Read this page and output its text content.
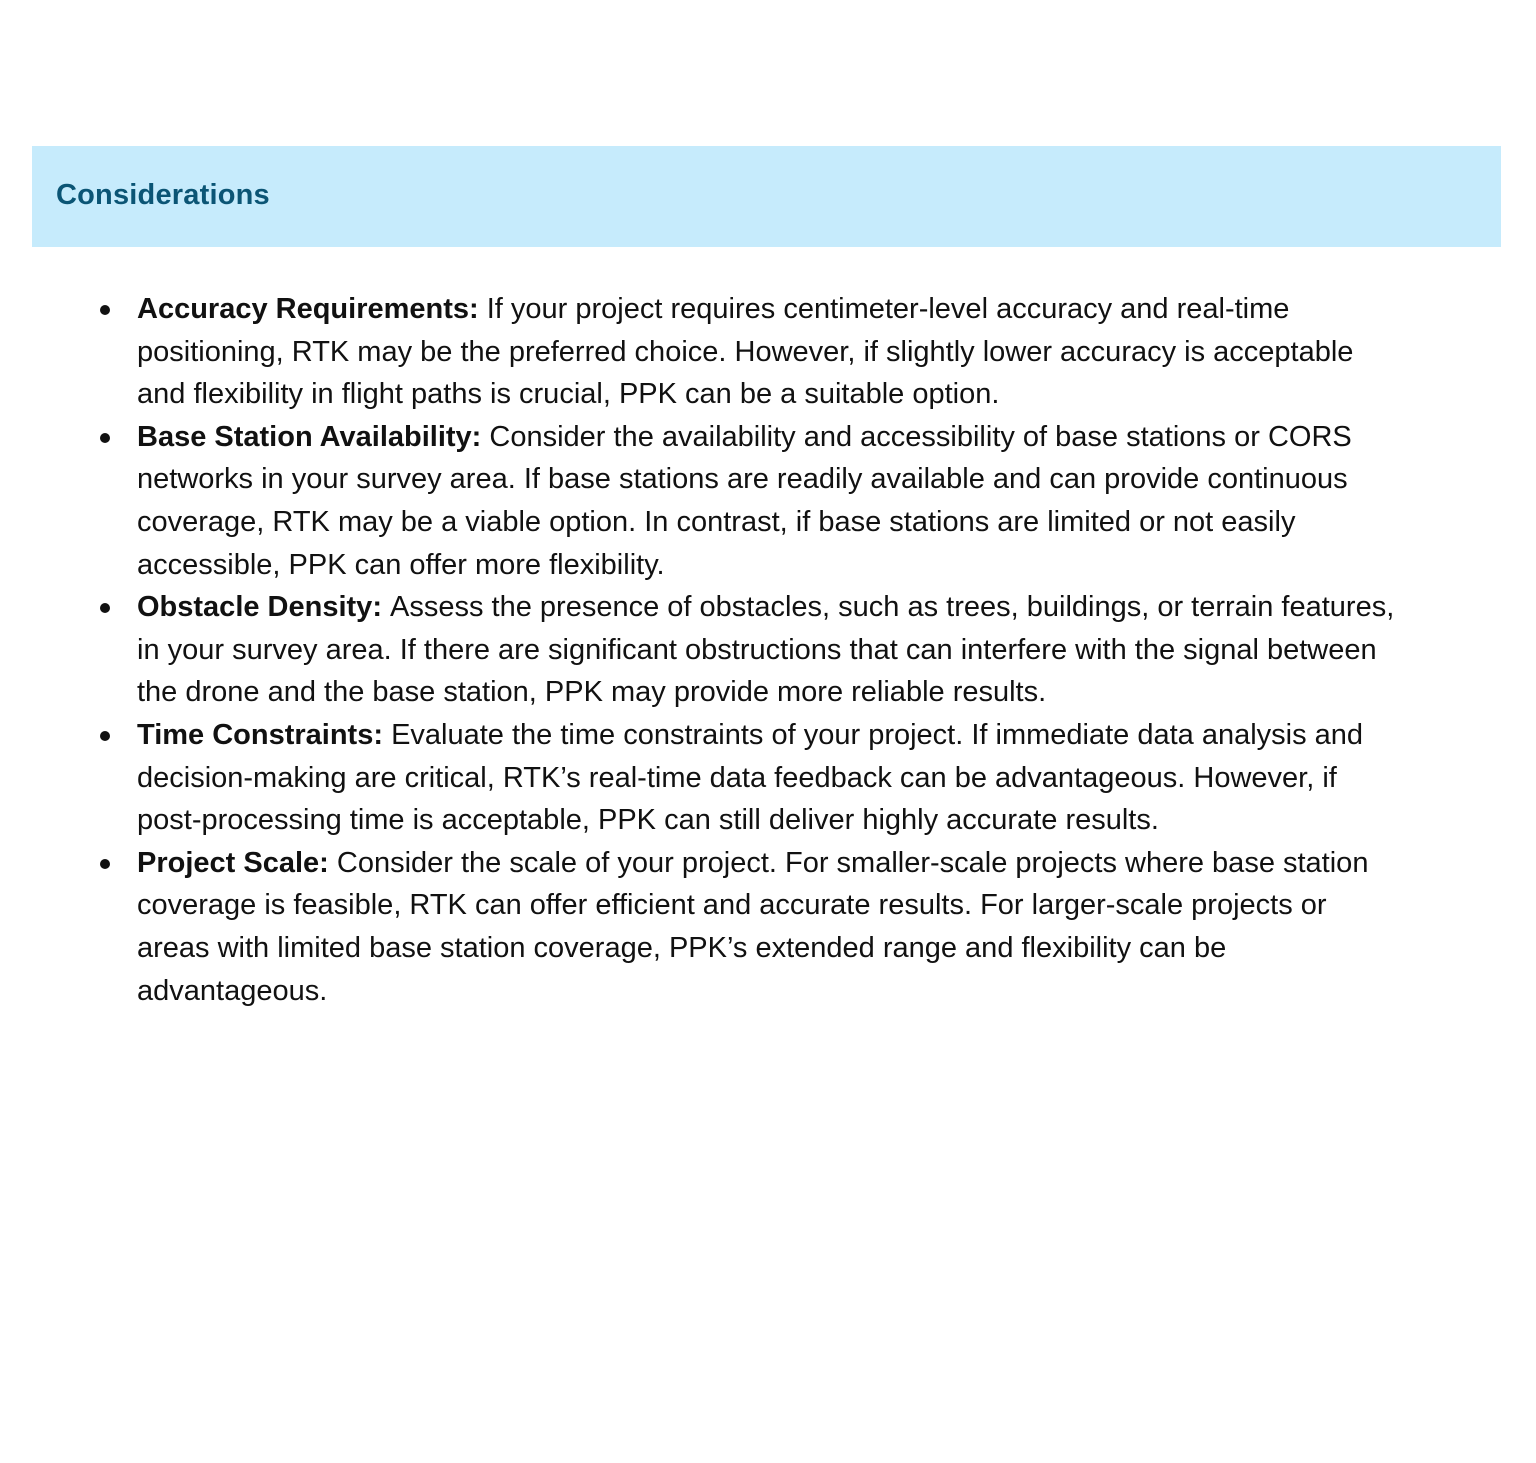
Considerations
Accuracy Requirements: If your project requires centimeter-level accuracy and real-time positioning, RTK may be the preferred choice. However, if slightly lower accuracy is acceptable and flexibility in flight paths is crucial, PPK can be a suitable option.
Base Station Availability: Consider the availability and accessibility of base stations or CORS networks in your survey area. If base stations are readily available and can provide continuous coverage, RTK may be a viable option. In contrast, if base stations are limited or not easily accessible, PPK can offer more flexibility.
Obstacle Density: Assess the presence of obstacles, such as trees, buildings, or terrain features, in your survey area. If there are significant obstructions that can interfere with the signal between the drone and the base station, PPK may provide more reliable results.
Time Constraints: Evaluate the time constraints of your project. If immediate data analysis and decision-making are critical, RTK’s real-time data feedback can be advantageous. However, if post-processing time is acceptable, PPK can still deliver highly accurate results.
Project Scale: Consider the scale of your project. For smaller-scale projects where base station coverage is feasible, RTK can offer efficient and accurate results. For larger-scale projects or areas with limited base station coverage, PPK’s extended range and flexibility can be advantageous.
